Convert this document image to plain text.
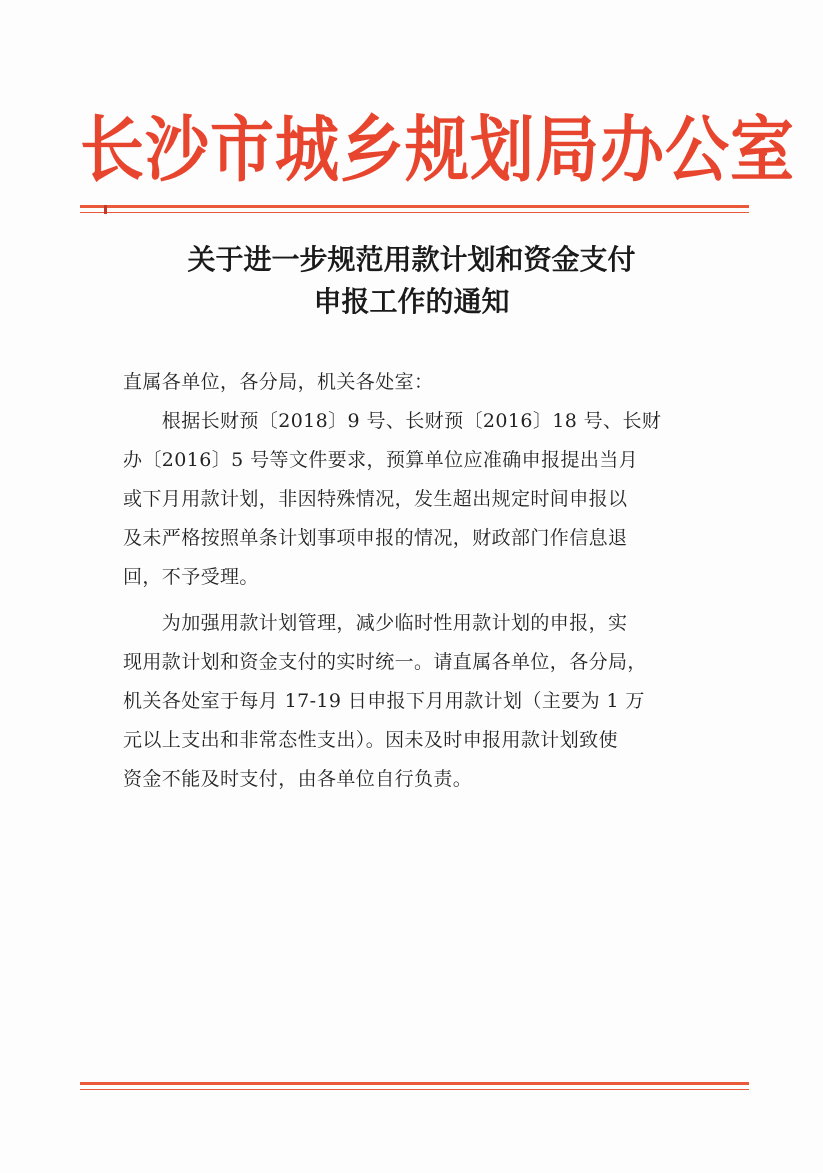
长沙市城乡规划局办公室
关于进一步规范用款计划和资金支付
申报工作的通知
直属各单位，各分局，机关各处室：
　　根据长财预〔2018〕9 号、长财预〔2016〕18 号、长财
办〔2016〕5 号等文件要求，预算单位应准确申报提出当月
或下月用款计划，非因特殊情况，发生超出规定时间申报以
及未严格按照单条计划事项申报的情况，财政部门作信息退
回，不予受理。
　　为加强用款计划管理，减少临时性用款计划的申报，实
现用款计划和资金支付的实时统一。请直属各单位，各分局，
机关各处室于每月 17-19 日申报下月用款计划（主要为 1 万
元以上支出和非常态性支出）。因未及时申报用款计划致使
资金不能及时支付，由各单位自行负责。
